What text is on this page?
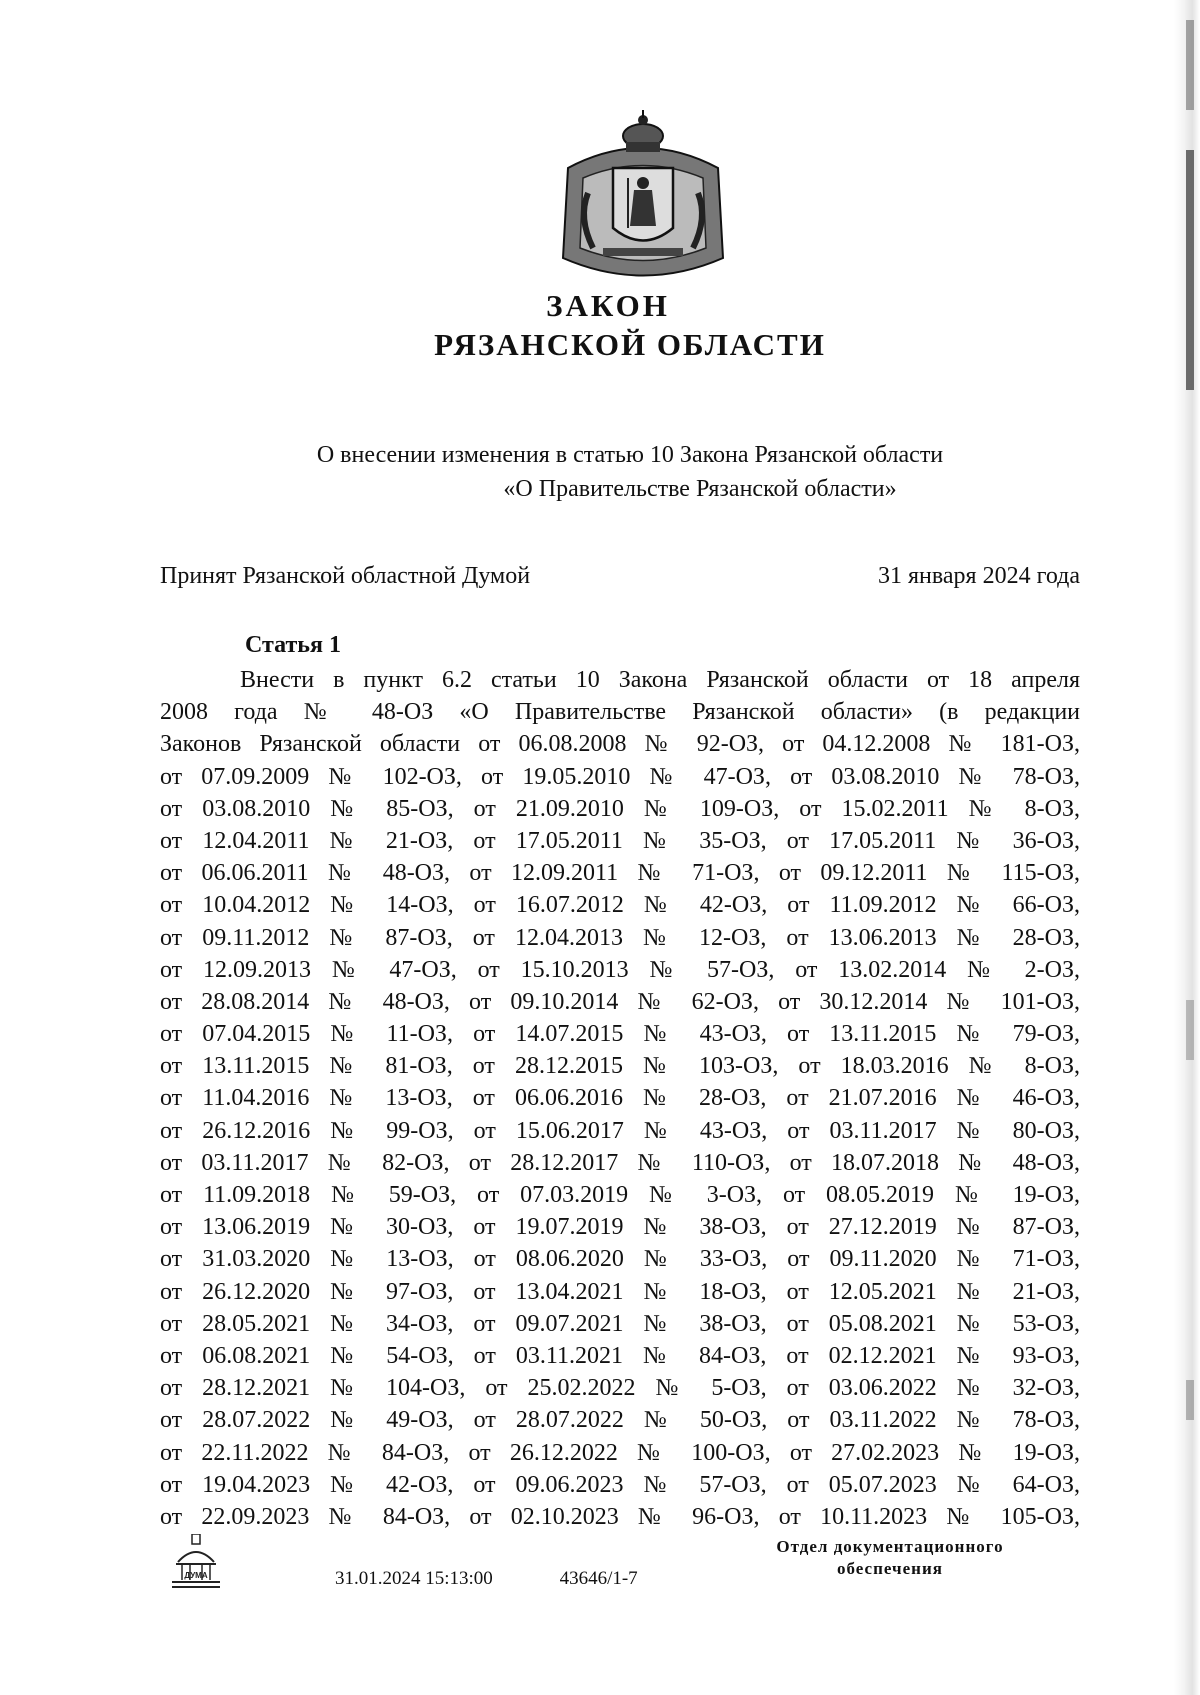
ЗАКОН
РЯЗАНСКОЙ ОБЛАСТИ
О внесении изменения в статью 10 Закона Рязанской области
«О Правительстве Рязанской области»
Принят Рязанской областной Думой	31 января 2024 года
Статья 1
Внести в пункт 6.2 статьи 10 Закона Рязанской области от 18 апреля
2008 года № 48-ОЗ «О Правительстве Рязанской области» (в редакции
Законов Рязанской области от 06.08.2008 № 92-ОЗ, от 04.12.2008 № 181-ОЗ,
от 07.09.2009 № 102-ОЗ, от 19.05.2010 № 47-ОЗ, от 03.08.2010 № 78-ОЗ,
от 03.08.2010 № 85-ОЗ, от 21.09.2010 № 109-ОЗ, от 15.02.2011 № 8-ОЗ,
от 12.04.2011 № 21-ОЗ, от 17.05.2011 № 35-ОЗ, от 17.05.2011 № 36-ОЗ,
от 06.06.2011 № 48-ОЗ, от 12.09.2011 № 71-ОЗ, от 09.12.2011 № 115-ОЗ,
от 10.04.2012 № 14-ОЗ, от 16.07.2012 № 42-ОЗ, от 11.09.2012 № 66-ОЗ,
от 09.11.2012 № 87-ОЗ, от 12.04.2013 № 12-ОЗ, от 13.06.2013 № 28-ОЗ,
от 12.09.2013 № 47-ОЗ, от 15.10.2013 № 57-ОЗ, от 13.02.2014 № 2-ОЗ,
от 28.08.2014 № 48-ОЗ, от 09.10.2014 № 62-ОЗ, от 30.12.2014 № 101-ОЗ,
от 07.04.2015 № 11-ОЗ, от 14.07.2015 № 43-ОЗ, от 13.11.2015 № 79-ОЗ,
от 13.11.2015 № 81-ОЗ, от 28.12.2015 № 103-ОЗ, от 18.03.2016 № 8-ОЗ,
от 11.04.2016 № 13-ОЗ, от 06.06.2016 № 28-ОЗ, от 21.07.2016 № 46-ОЗ,
от 26.12.2016 № 99-ОЗ, от 15.06.2017 № 43-ОЗ, от 03.11.2017 № 80-ОЗ,
от 03.11.2017 № 82-ОЗ, от 28.12.2017 № 110-ОЗ, от 18.07.2018 № 48-ОЗ,
от 11.09.2018 № 59-ОЗ, от 07.03.2019 № 3-ОЗ, от 08.05.2019 № 19-ОЗ,
от 13.06.2019 № 30-ОЗ, от 19.07.2019 № 38-ОЗ, от 27.12.2019 № 87-ОЗ,
от 31.03.2020 № 13-ОЗ, от 08.06.2020 № 33-ОЗ, от 09.11.2020 № 71-ОЗ,
от 26.12.2020 № 97-ОЗ, от 13.04.2021 № 18-ОЗ, от 12.05.2021 № 21-ОЗ,
от 28.05.2021 № 34-ОЗ, от 09.07.2021 № 38-ОЗ, от 05.08.2021 № 53-ОЗ,
от 06.08.2021 № 54-ОЗ, от 03.11.2021 № 84-ОЗ, от 02.12.2021 № 93-ОЗ,
от 28.12.2021 № 104-ОЗ, от 25.02.2022 № 5-ОЗ, от 03.06.2022 № 32-ОЗ,
от 28.07.2022 № 49-ОЗ, от 28.07.2022 № 50-ОЗ, от 03.11.2022 № 78-ОЗ,
от 22.11.2022 № 84-ОЗ, от 26.12.2022 № 100-ОЗ, от 27.02.2023 № 19-ОЗ,
от 19.04.2023 № 42-ОЗ, от 09.06.2023 № 57-ОЗ, от 05.07.2023 № 64-ОЗ,
от 22.09.2023 № 84-ОЗ, от 02.10.2023 № 96-ОЗ, от 10.11.2023 № 105-ОЗ,
ДУМА	31.01.2024 15:13:00	43646/1-7
Отдел документационного
обеспечения
